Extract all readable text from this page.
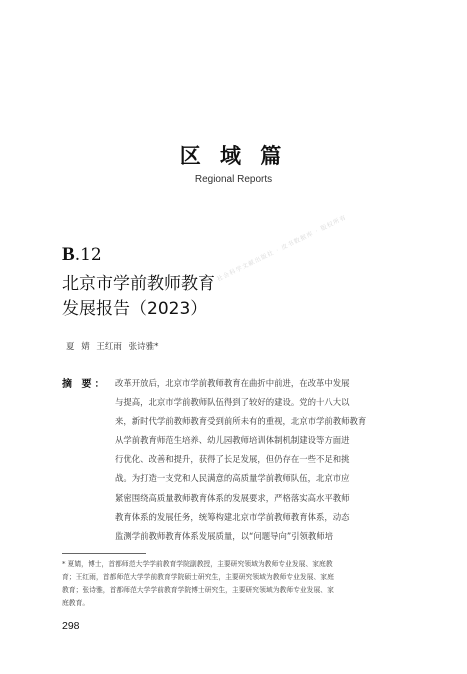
区 域 篇
Regional Reports
社会科学文献出版社 · 皮书数据库 · 版权所有
B.12
北京市学前教师教育
发展报告（2023）
夏 婧 王红雨 张诗雅*
摘 要： 改革开放后，北京市学前教师教育在曲折中前进，在改革中发展
与提高，北京市学前教师队伍得到了较好的建设。党的十八大以
来，新时代学前教师教育受到前所未有的重视，北京市学前教师教育
从学前教育师范生培养、幼儿园教师培训体制机制建设等方面进
行优化、改善和提升，获得了长足发展，但仍存在一些不足和挑
战。为打造一支党和人民满意的高质量学前教师队伍，北京市应
紧密围绕高质量教师教育体系的发展要求，严格落实高水平教师
教育体系的发展任务，统筹构建北京市学前教师教育体系，动态
监测学前教师教育体系发展质量，以“问题导向”引领教师培
* 夏婧，博士，首都师范大学学前教育学院副教授，主要研究领域为教师专业发展、家庭教
育；王红雨，首都师范大学学前教育学院硕士研究生，主要研究领域为教师专业发展、家庭
教育；张诗雅，首都师范大学学前教育学院博士研究生，主要研究领域为教师专业发展、家
庭教育。
298
